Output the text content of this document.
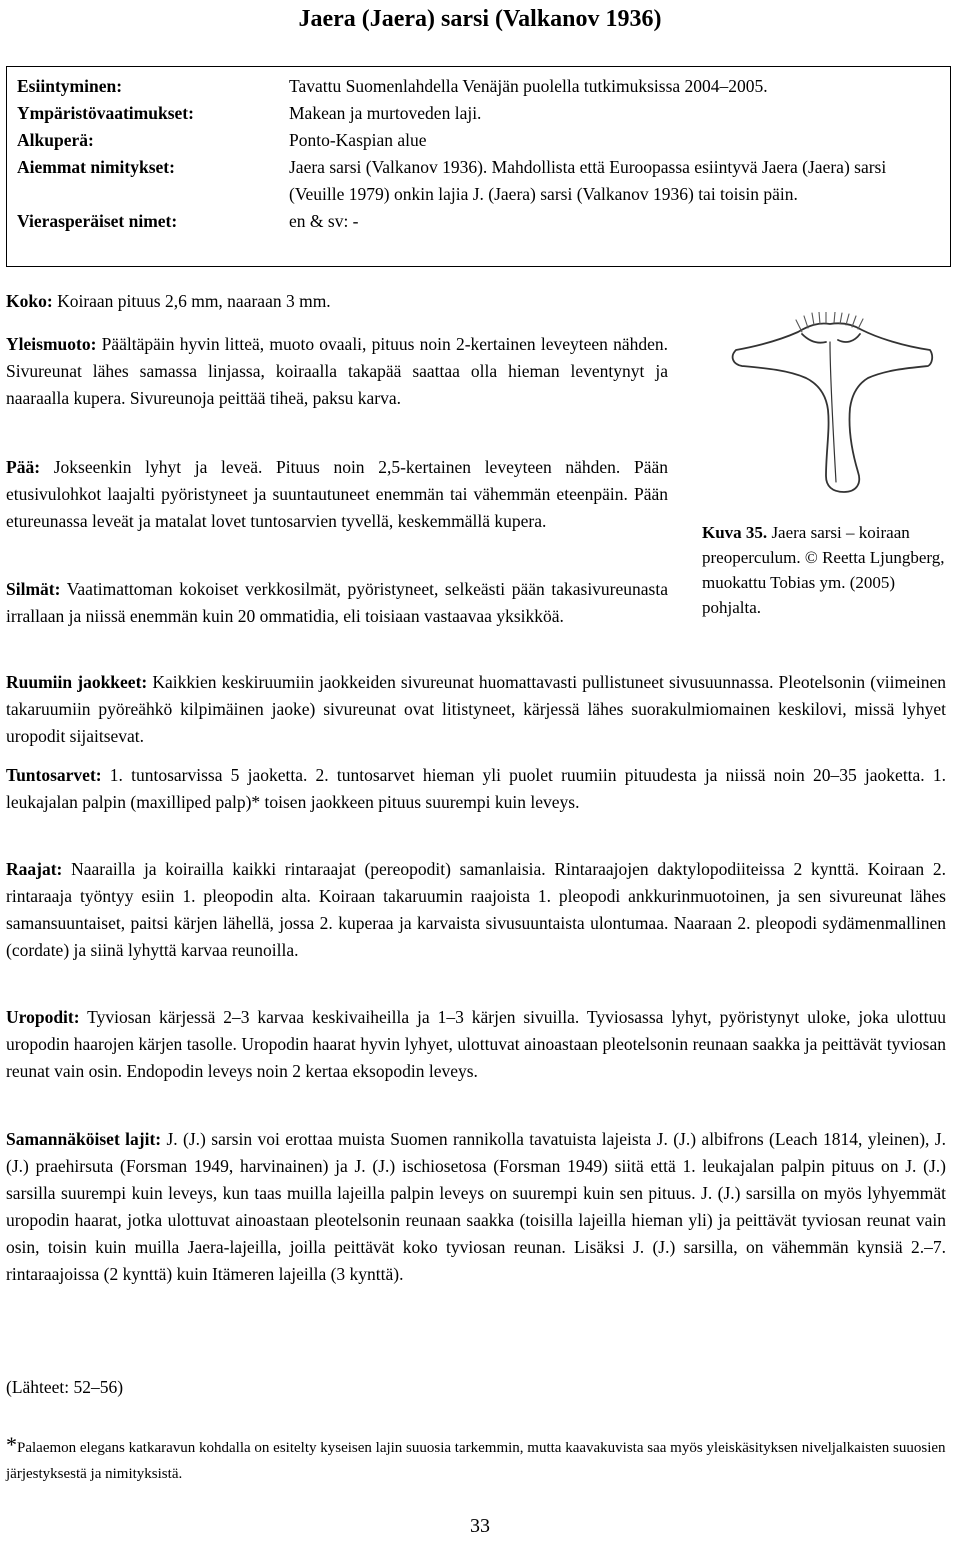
Jaera (Jaera) sarsi (Valkanov 1936)
Esiintyminen:	Tavattu Suomenlahdella Venäjän puolella tutkimuksissa 2004–2005.
Ympäristövaatimukset:	Makean ja murtoveden laji.
Alkuperä:	Ponto-Kaspian alue
Aiemmat nimitykset:	Jaera sarsi (Valkanov 1936). Mahdollista että Euroopassa esiintyvä Jaera (Jaera) sarsi (Veuille 1979) onkin lajia J. (Jaera) sarsi (Valkanov 1936) tai toisin päin.
Vierasperäiset nimet:	en & sv: -

Koko: Koiraan pituus 2,6 mm, naaraan 3 mm.

Yleismuoto: Päältäpäin hyvin litteä, muoto ovaali, pituus noin 2-kertainen leveyteen nähden. Sivureunat lähes samassa linjassa, koiraalla takapää saattaa olla hieman leventynyt ja naaraalla kupera. Sivureunoja peittää tiheä, paksu karva.

Pää: Jokseenkin lyhyt ja leveä. Pituus noin 2,5-kertainen leveyteen nähden. Pään etusivulohkot laajalti pyöristyneet ja suuntautuneet enemmän tai vähemmän eteenpäin. Pään etureunassa leveät ja matalat lovet tuntosarvien tyvellä, keskemmällä kupera.

Silmät: Vaatimattoman kokoiset verkkosilmät, pyöristyneet, selkeästi pään takasivureunasta irrallaan ja niissä enemmän kuin 20 ommatidia, eli toisiaan vastaavaa yksikköä.

Kuva 35. Jaera sarsi – koiraan preoperculum. © Reetta Ljungberg, muokattu Tobias ym. (2005) pohjalta.

Ruumiin jaokkeet: Kaikkien keskiruumiin jaokkeiden sivureunat huomattavasti pullistuneet sivusuunnassa. Pleotelsonin (viimeinen takaruumiin pyöreähkö kilpimäinen jaoke) sivureunat ovat litistyneet, kärjessä lähes suorakulmiomainen keskilovi, missä lyhyet uropodit sijaitsevat.

Tuntosarvet: 1. tuntosarvissa 5 jaoketta. 2. tuntosarvet hieman yli puolet ruumiin pituudesta ja niissä noin 20–35 jaoketta. 1. leukajalan palpin (maxilliped palp)* toisen jaokkeen pituus suurempi kuin leveys.

Raajat: Naarailla ja koirailla kaikki rintaraajat (pereopodit) samanlaisia. Rintaraajojen daktylopodiiteissa 2 kynttä. Koiraan 2. rintaraaja työntyy esiin 1. pleopodin alta. Koiraan takaruumin raajoista 1. pleopodi ankkurinmuotoinen, ja sen sivureunat lähes samansuuntaiset, paitsi kärjen lähellä, jossa 2. kuperaa ja karvaista sivusuuntaista ulontumaa. Naaraan 2. pleopodi sydämenmallinen (cordate) ja siinä lyhyttä karvaa reunoilla.

Uropodit: Tyviosan kärjessä 2–3 karvaa keskivaiheilla ja 1–3 kärjen sivuilla. Tyviosassa lyhyt, pyöristynyt uloke, joka ulottuu uropodin haarojen kärjen tasolle. Uropodin haarat hyvin lyhyet, ulottuvat ainoastaan pleotelsonin reunaan saakka ja peittävät tyviosan reunat vain osin. Endopodin leveys noin 2 kertaa eksopodin leveys.

Samannäköiset lajit: J. (J.) sarsin voi erottaa muista Suomen rannikolla tavatuista lajeista J. (J.) albifrons (Leach 1814, yleinen), J. (J.) praehirsuta (Forsman 1949, harvinainen) ja J. (J.) ischiosetosa (Forsman 1949) siitä että 1. leukajalan palpin pituus on J. (J.) sarsilla suurempi kuin leveys, kun taas muilla lajeilla palpin leveys on suurempi kuin sen pituus. J. (J.) sarsilla on myös lyhyemmät uropodin haarat, jotka ulottuvat ainoastaan pleotelsonin reunaan saakka (toisilla lajeilla hieman yli) ja peittävät tyviosan reunat vain osin, toisin kuin muilla Jaera-lajeilla, joilla peittävät koko tyviosan reunan. Lisäksi J. (J.) sarsilla, on vähemmän kynsiä 2.–7. rintaraajoissa (2 kynttä) kuin Itämeren lajeilla (3 kynttä).

(Lähteet: 52–56)

*Palaemon elegans katkaravun kohdalla on esitelty kyseisen lajin suuosia tarkemmin, mutta kaavakuvista saa myös yleiskäsityksen niveljalkaisten suuosien järjestyksestä ja nimityksistä.
33
